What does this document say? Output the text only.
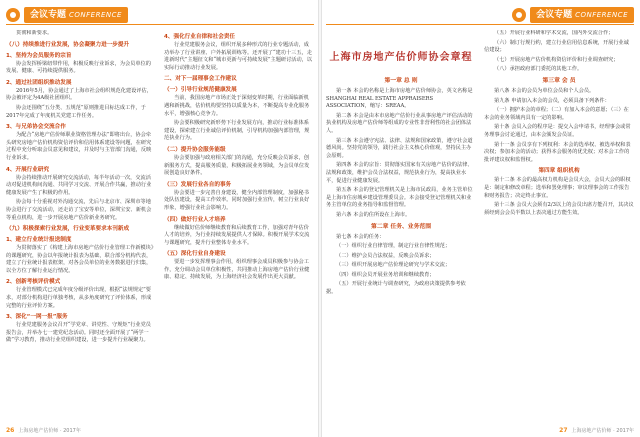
会议专题 CONFERENCE

贯彻和新要求。

（八）持续推进行业发展，协会凝聚力进一步提升
1、坚持为会员服务的宗旨

协会发挥桥梁纽带作用，积极反映行业诉求，为会员单位的发展、健康、可持续提供服务。

2、通过社团组织推动发展

2016年5月，协会通过了上海市社会组织规范化建设评估，协会被评定为4A级社团组织。

协会还围绕“五分类、五规范”原则推进目标达成工作，于2017年完成了年度机关党建工作任务。

3、与兄弟协会交流合作

为配合“房地产估价师职业资格管理办法”即将出台，协会牵头研究房地产估价机构资信评价和信用体系建设等问题，在研究过程中充分听取会员意见和建议，并及时与主管部门沟通，反映行业诉求。

4、开展行业研究

协会持续推动开展研究交流活动，每半年活动一次，交流活动对促进机构间沟通、共同学习交流、开展合作共赢，推动行业健康发展产生了积极的作用。

协会每十分重视对外沟通交流，先后与北京市、深圳市等地协会进行了交流活动，还走访了宝安等单位，深圳宝安、新机会等重点机构，进一步开展房地产估价新业务研究。

（九）积极探索行业发展，行业变革要求本刊新成
1、建立行业统计报送制度

为贯彻落实了《构建上海市房地产估价行业管理工作新模块》的课题研究，协会以年报统计报表为基础，联合部分机构代表，建立了行业统计报表框架，对各会员单位的业务数据进行归集，以全方位了解行业运行情况。

2、创新考核评价模式

行业管理模式已完成年度分级评价出现，根据“法规规定”要求，对部分机构进行单独考核，从多角度研究了评价体系，形成完整的行业评价方案。

3、深化“一网一报”服务

行业党建服务会议召开“学党章、讲党性、守规矩”行业党员报告会，并举办七一建党纪念活动。同时还全面开展了“两学一做”学习教育，推动行业党组织建设，进一步提升行业凝聚力。

4、强化行业自律和社会责任

行业党建服务会议，组织开展多种形式的行业专题活动，成功举办了行业讲座、户外拓展训练等。还开展了“建功十三五，走进新时代”主题征文和“城市更新与可持续发展”主题研讨活动，以实际行动推动行业发展。

二、对下一届理事会工作建议
（一）引导行业规范健康发展

当前，我国房地产市场正处于深刻变革时期，行业面临新机遇和新挑战，估价机构要坚持以质量为本，不断提高专业化服务水平，增强核心竞争力。

协会要积极研究新形势下行业发展方向，推动行业标准体系建设，探索建立行业诚信评价机制，引导机构加强内部管理，规范执业行为。

（二）提升协会服务能级

协会要加强与政府相关部门的沟通，充分反映会员诉求，创新服务方式，提高服务质量，积极拓展业务领域，为会员单位发展创造良好条件。

（三）发展行业各自的事务

协会要进一步完善自身建设，健全内部管理制度，加强秘书处队伍建设，提高工作效率。同时加强行业宣传，树立行业良好形象，增强行业社会影响力。

（四）做好行业人才培养

继续做好估价师继续教育和后续教育工作，加强对青年估价人才的培养，为行业持续发展提供人才保障。积极开展学术交流与课题研究，提升行业整体专业水平。

（五）深化行业自身建设

要进一步发挥理事会作用，组织理事会成员积极参与协会工作，充分调动会员单位积极性，共同推动上海房地产估价行业健康、稳定、持续发展，为上海经济社会发展作出更大贡献。

26 上海房地产估价师 · 2017年
会议专题 CONFERENCE
上海市房地产估价师协会章程
第一章 总 则

第一条 本会的名称是上海市房地产估价师协会，英文名称是SHANGHAI REAL ESTATE APPRAISERS ASSOCIATION，缩写：SREAA。

第二条 本会是由本市房地产估价行业从事房地产评估活动的执业机构及房地产估价师等组成的专业性非营利性的社会团体法人。

第三条 本会遵守宪法、法律、法规和国家政策，遵守社会道德风尚。坚持党的领导，践行社会主义核心价值观，坚持民主办会原则。

第四条 本会的宗旨：贯彻落实国家有关房地产估价的法律、法规和政策，维护会员合法权益，规范执业行为，提高执业水平，促进行业健康发展。

第五条 本会的登记管理机关是上海市民政局，业务主管单位是上海市住房城乡建设管理委员会。本会接受登记管理机关和业务主管单位的业务指导和监督管理。

第六条 本会的住所设在上海市。

第二章 任务、业务范围

第七条 本会的任务：

（一）组织行业自律管理，制定行业自律性规范；

（二）维护会员合法权益，反映会员诉求；

（三）组织开展房地产估价理论研究与学术交流；

（四）组织会员开展业务培训和继续教育；

（五）开展行业统计与调查研究，为政府决策提供参考依据。

（五）开展行业科研和学术交流，国内外交流合作；

（六）制订行规行约，建立行业信用信息系统，开展行业诚信建设；

（七）开展房地产估价机构资信评价和行业调查研究；

（八）承担政府部门委托的其他工作。

第三章 会 员

第八条 本会的会员为单位会员和个人会员。

第九条 申请加入本会的会员，必须具备下列条件：

（一）拥护本会的章程；（二）有加入本会的意愿；（三）在本会的业务领域内具有一定的影响。

第十条 会员入会的程序是：提交入会申请书，经理事会或常务理事会讨论通过，由本会颁发会员证。

第十一条 会员享有下列权利：本会的选举权、被选举权和表决权；参加本会的活动；获得本会服务的优先权；对本会工作的批评建议权和监督权。

第四章 组织机构

第十二条 本会的最高权力机构是会员大会，会员大会的职权是：制定和修改章程；选举和罢免理事；审议理事会的工作报告和财务报告；决定终止事宜。

第十三条 会员大会须有2/3以上的会员出席方能召开，其决议须经到会会员半数以上表决通过方能生效。

27 上海房地产估价师 · 2017年
